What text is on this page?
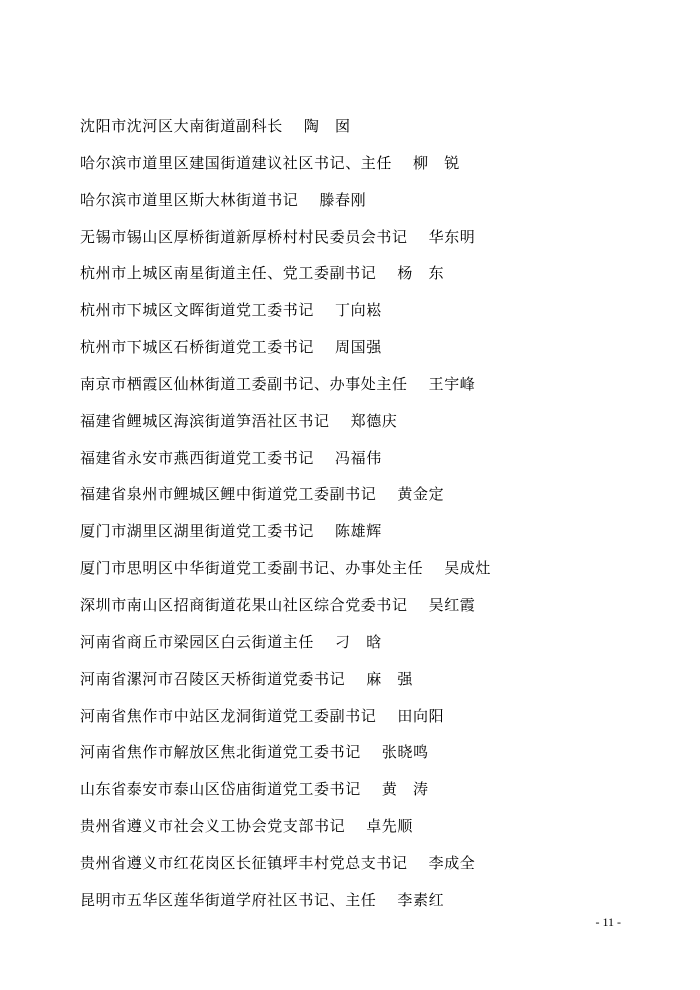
沈阳市沈河区大南街道副科长 陶　囡
哈尔滨市道里区建国街道建议社区书记、主任 柳　锐
哈尔滨市道里区斯大林街道书记 滕春刚
无锡市锡山区厚桥街道新厚桥村村民委员会书记 华东明
杭州市上城区南星街道主任、党工委副书记 杨　东
杭州市下城区文晖街道党工委书记 丁向崧
杭州市下城区石桥街道党工委书记 周国强
南京市栖霞区仙林街道工委副书记、办事处主任 王宇峰
福建省鲤城区海滨街道笋浯社区书记 郑德庆
福建省永安市燕西街道党工委书记 冯福伟
福建省泉州市鲤城区鲤中街道党工委副书记 黄金定
厦门市湖里区湖里街道党工委书记 陈雄辉
厦门市思明区中华街道党工委副书记、办事处主任 吴成灶
深圳市南山区招商街道花果山社区综合党委书记 吴红霞
河南省商丘市梁园区白云街道主任 刁　晗
河南省漯河市召陵区天桥街道党委书记 麻　强
河南省焦作市中站区龙洞街道党工委副书记 田向阳
河南省焦作市解放区焦北街道党工委书记 张晓鸣
山东省泰安市泰山区岱庙街道党工委书记 黄　涛
贵州省遵义市社会义工协会党支部书记 卓先顺
贵州省遵义市红花岗区长征镇坪丰村党总支书记 李成全
昆明市五华区莲华街道学府社区书记、主任 李素红
- 11 -
